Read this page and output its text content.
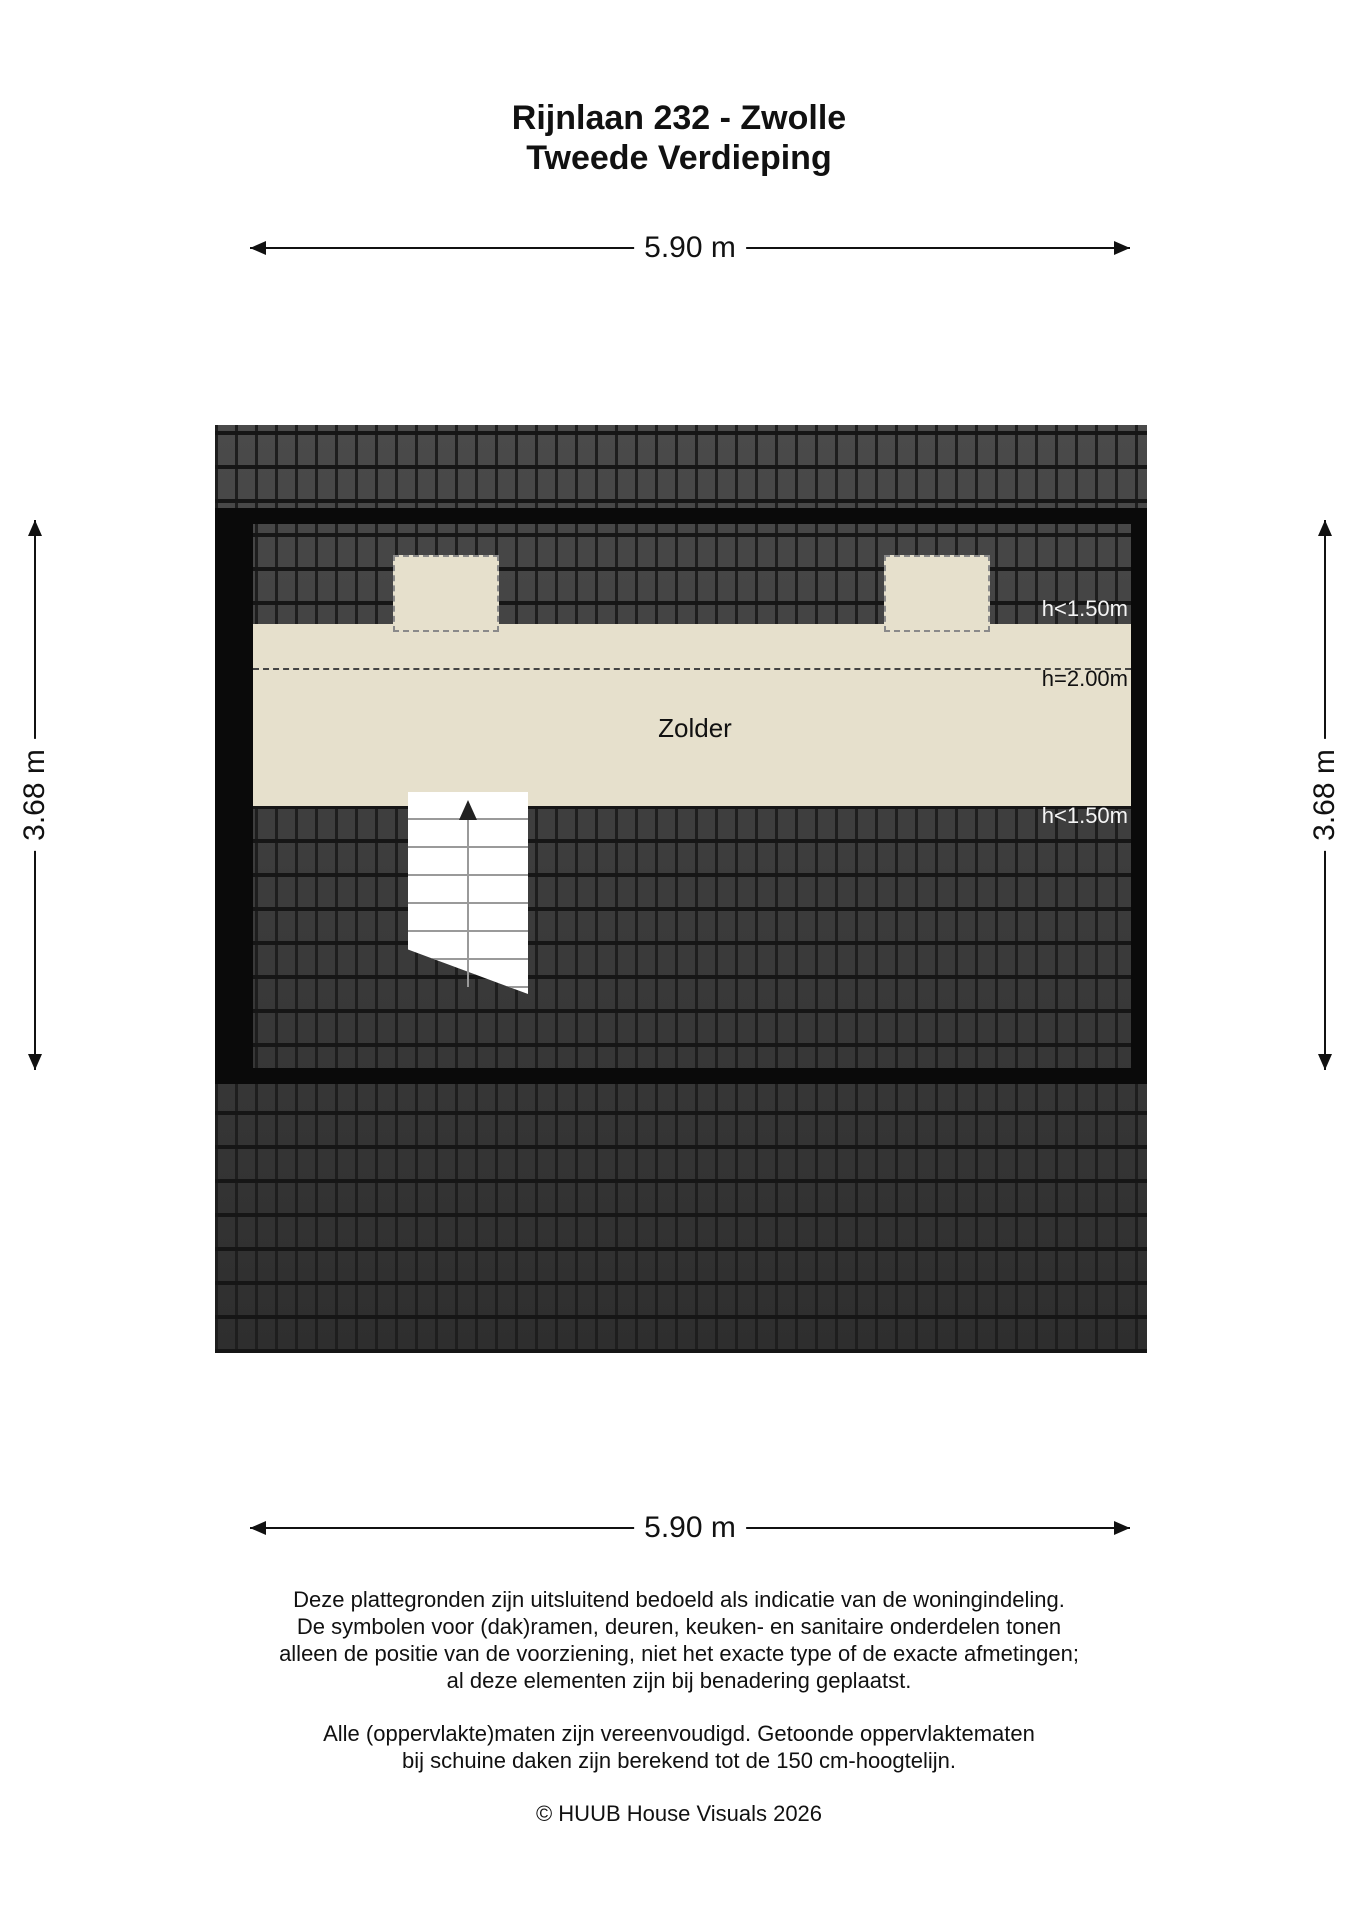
Rijnlaan 232 - Zwolle
Tweede Verdieping
5.90 m
3.68 m	3.68 m
h<1.50m
h=2.00m
h<1.50m
Zolder
5.90 m
Deze plattegronden zijn uitsluitend bedoeld als indicatie van de woningindeling.
De symbolen voor (dak)ramen, deuren, keuken- en sanitaire onderdelen tonen
alleen de positie van de voorziening, niet het exacte type of de exacte afmetingen;
al deze elementen zijn bij benadering geplaatst.
Alle (oppervlakte)maten zijn vereenvoudigd. Getoonde oppervlaktematen
bij schuine daken zijn berekend tot de 150 cm-hoogtelijn.
© HUUB House Visuals 2026
